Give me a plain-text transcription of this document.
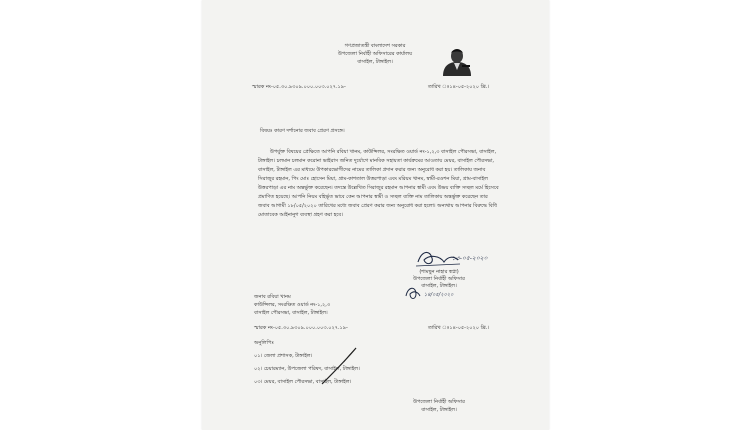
গণপ্রজাতন্ত্রী বাংলাদেশ সরকার
উপজেলা নির্বাহী অফিসারের কার্যালয়
বাসাইল, টাঙ্গাইল।
স্মারক নং-০৫.৩০.৯৩০৯.০০০.০০৩.০২৭.১৯-	তারিখ ঃ১৪-০৫-২০২০ খ্রি.।
বিষয়ঃ কারণ দর্শানোর জবাব প্রেরণ প্রসঙ্গে।
উপর্যুক্ত বিষয়ের প্রেক্ষিতে আপনি রবিয়া খানম, কাউন্সিলর, সংরক্ষিত ওয়ার্ড নং-১,২,৩ বাসাইল পৌরসভা, বাসাইল,
টাঙ্গাইল। চলমান চলমান করোনা ভাইরাস জনিত দুর্যোগে মানবিক সহায়তা কার্যক্রমের আওতায় মেয়র, বাসাইল পৌরসভা,
বাসাইল, টাঙ্গাইল এর মাধ্যমে উপকারভোগীদের নামের তালিকা প্রদান করার জন্য অনুরোধ করা হয়। তালিকায় জনাব
সিরাজুর রহমান, পিং মোঃ হোসেন মিয়া, গ্রাম-কাশতাল উত্তরপাড়া এবং মরিয়ম খানম, স্বামী-রওশন মিয়া, গ্রাম-বাসাইল
উত্তরপাড়া এর নাম অন্তর্ভুক্ত করেছেন। তদন্তে উল্লেখিত সিরাজুর রহমান আপনার স্বামী এবং উভয় ব্যক্তি সচ্ছল মর্মে হিসেবে
প্রমাণিত হয়েছে। আপনি নিয়ম বহির্ভূত ভাবে কেন আপনার স্বামী ও সচ্ছল ব্যক্তি নাম তালিকায় অন্তর্ভুক্ত করেছেন তার
জবাব আগামী ১৮/০৫/২০২০ তারিখের মধ্যে জবাব প্রেরণ করার জন্য অনুরোধ করা হলো। অন্যথায় আপনার বিরুদ্ধে বিধি
মোতাবেক আইনানুগ ব্যবস্থা গ্রহণ করা হবে।
১৩-০৫-২০২০
(শামছুন নাহার স্বপ্না)
উপজেলা নির্বাহী অফিসার
বাসাইল, টাঙ্গাইল।
১৪/০৫/২০২০
জনাব রবিয়া খানম
কাউন্সিলর, সংরক্ষিত ওয়ার্ড নং-১,২,৩
বাসাইল পৌরসভা, বাসাইল, টাঙ্গাইল।
স্মারক নং-০৫.৩০.৯৩০৯.০০০.০০৩.০২৭.১৯-	তারিখ ঃ১৪-০৫-২০২০ খ্রি.।
অনুলিপিঃ
০১। জেলা প্রশাসক, টাঙ্গাইল।
০২। চেয়ারম্যান, উপজেলা পরিষদ, বাসাইল, টাঙ্গাইল।
০৩। মেয়র, বাসাইল পৌরসভা, বাসাইল, টাঙ্গাইল।
উপজেলা নির্বাহী অফিসার
বাসাইল, টাঙ্গাইল।
